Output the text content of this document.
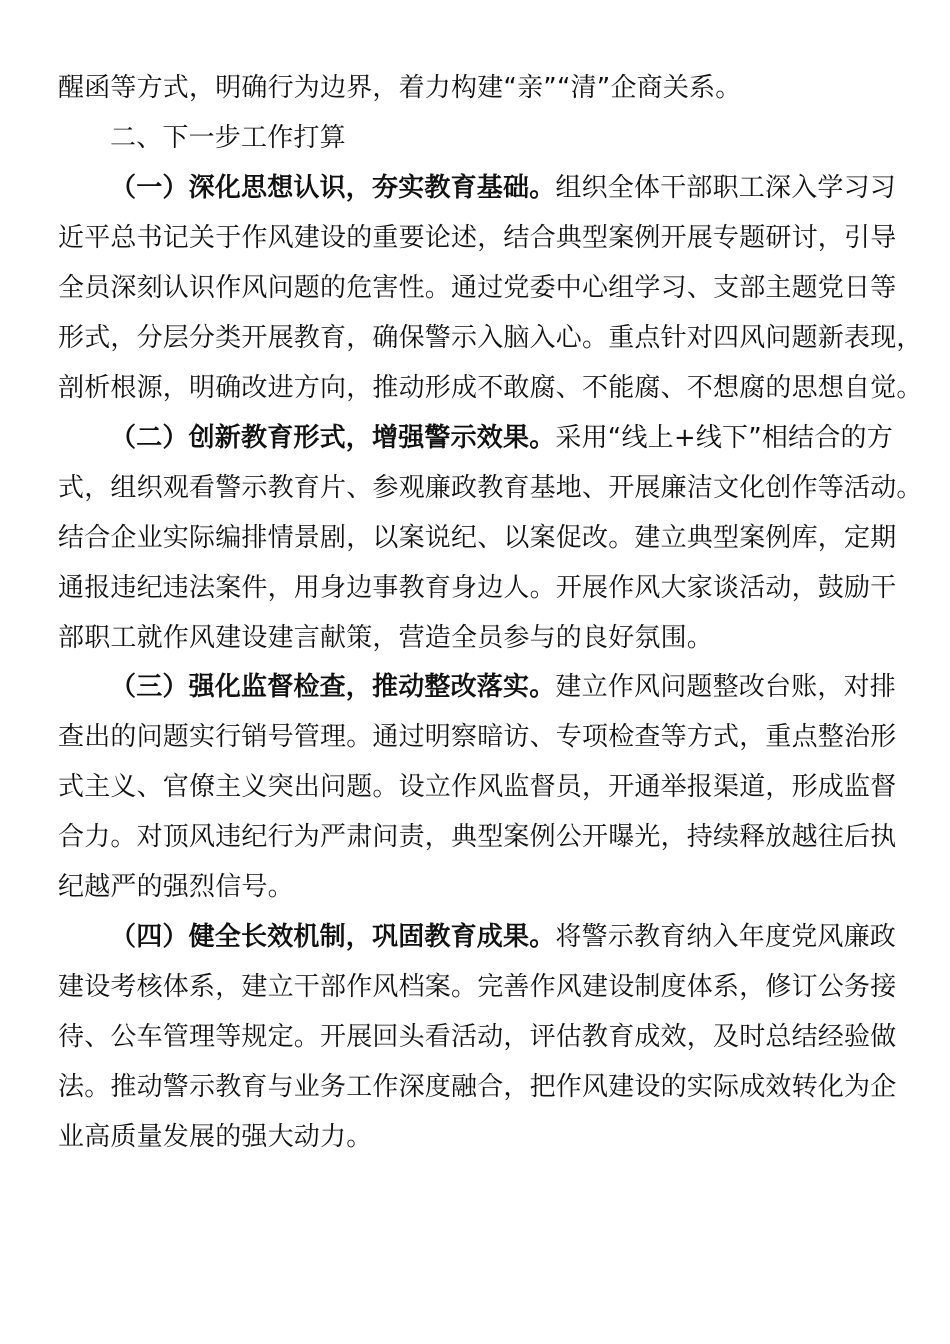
醒函等方式，明确行为边界，着力构建“亲”“清”企商关系。
二、下一步工作打算
（一）深化思想认识，夯实教育基础。组织全体干部职工深入学习习
近平总书记关于作风建设的重要论述，结合典型案例开展专题研讨，引导
全员深刻认识作风问题的危害性。通过党委中心组学习、支部主题党日等
形式，分层分类开展教育，确保警示入脑入心。重点针对四风问题新表现，
剖析根源，明确改进方向，推动形成不敢腐、不能腐、不想腐的思想自觉。
（二）创新教育形式，增强警示效果。采用“线上+线下”相结合的方
式，组织观看警示教育片、参观廉政教育基地、开展廉洁文化创作等活动。
结合企业实际编排情景剧，以案说纪、以案促改。建立典型案例库，定期
通报违纪违法案件，用身边事教育身边人。开展作风大家谈活动，鼓励干
部职工就作风建设建言献策，营造全员参与的良好氛围。
（三）强化监督检查，推动整改落实。建立作风问题整改台账，对排
查出的问题实行销号管理。通过明察暗访、专项检查等方式，重点整治形
式主义、官僚主义突出问题。设立作风监督员，开通举报渠道，形成监督
合力。对顶风违纪行为严肃问责，典型案例公开曝光，持续释放越往后执
纪越严的强烈信号。
（四）健全长效机制，巩固教育成果。将警示教育纳入年度党风廉政
建设考核体系，建立干部作风档案。完善作风建设制度体系，修订公务接
待、公车管理等规定。开展回头看活动，评估教育成效，及时总结经验做
法。推动警示教育与业务工作深度融合，把作风建设的实际成效转化为企
业高质量发展的强大动力。
